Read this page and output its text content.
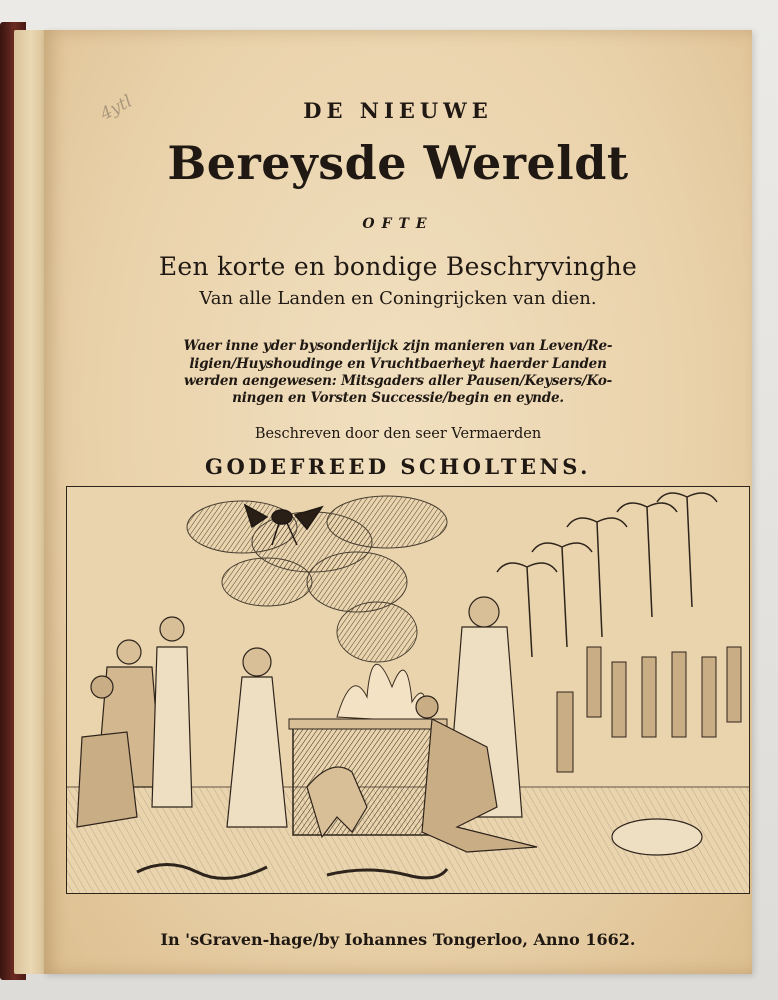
4ytl	DE NIEUWE
Bereysde Wereldt
OFTE
Een korte en bondige Beschryvinghe
Van alle Landen en Coningrijcken van dien.
Waer inne yder bysonderlijck zijn manieren van Leven/Re-
ligien/Huyshoudinge en Vruchtbaerheyt haerder Landen
werden aengewesen: Mitsgaders aller Pausen/Keysers/Ko-
ningen en Vorsten Successie/begin en eynde.
Beschreven door den seer Vermaerden
GODEFREED SCHOLTENS.
In 'sGraven-hage/by Iohannes Tongerloo, Anno 1662.
